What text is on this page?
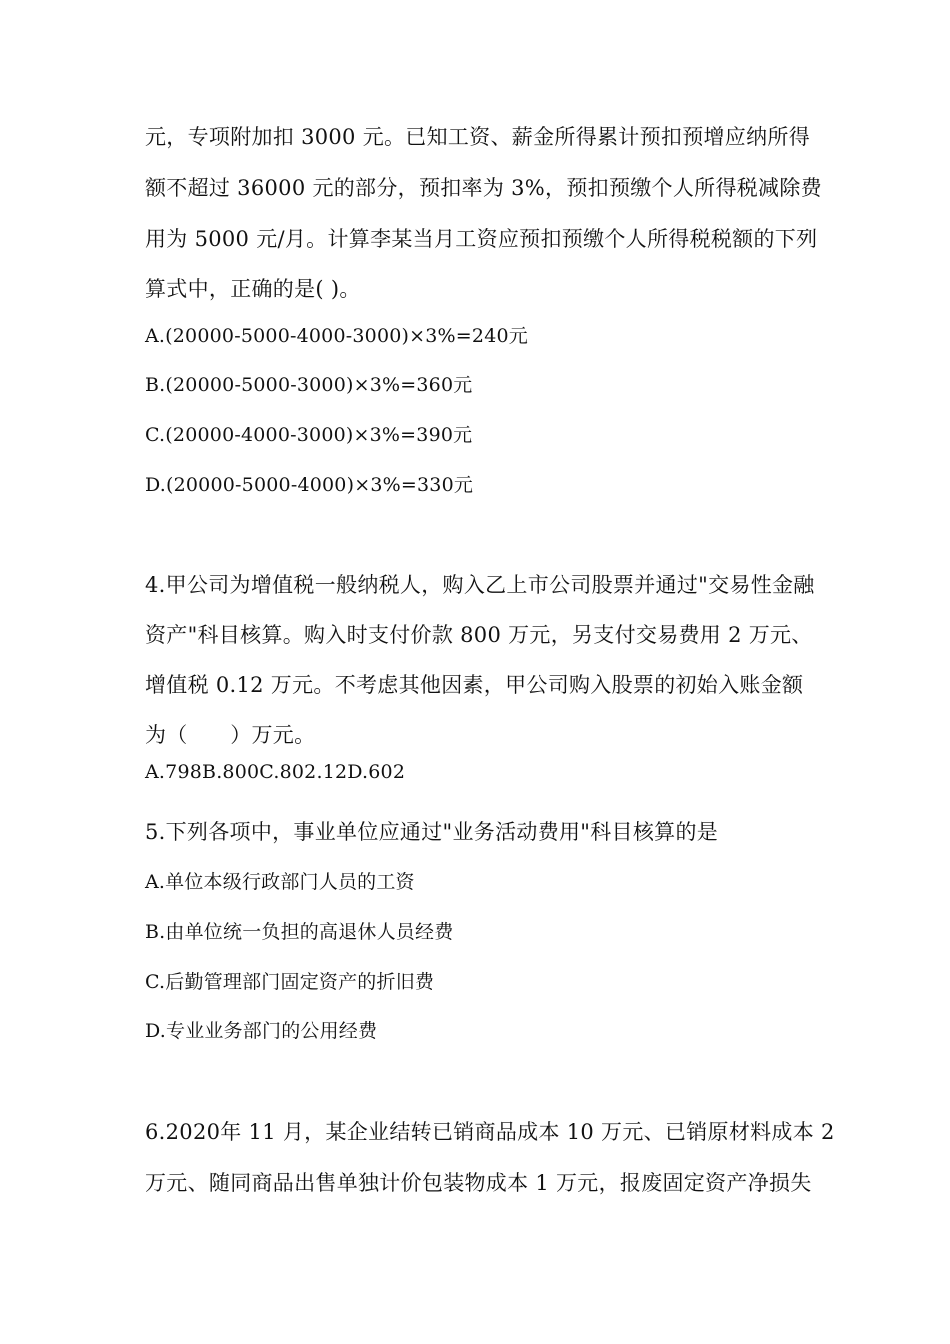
元，专项附加扣 3000 元。已知工资、薪金所得累计预扣预增应纳所得
额不超过 36000 元的部分，预扣率为 3%，预扣预缴个人所得税减除费
用为 5000 元/月。计算李某当月工资应预扣预缴个人所得税税额的下列
算式中，正确的是( )。
A.(20000-5000-4000-3000)×3%=240元
B.(20000-5000-3000)×3%=360元
C.(20000-4000-3000)×3%=390元
D.(20000-5000-4000)×3%=330元
4.甲公司为增值税一般纳税人，购入乙上市公司股票并通过"交易性金融
资产"科目核算。购入时支付价款 800 万元，另支付交易费用 2 万元、
增值税 0.12 万元。不考虑其他因素，甲公司购入股票的初始入账金额
为（　　）万元。
A.798B.800C.802.12D.602
5.下列各项中，事业单位应通过"业务活动费用"科目核算的是
A.单位本级行政部门人员的工资
B.由单位统一负担的高退休人员经费
C.后勤管理部门固定资产的折旧费
D.专业业务部门的公用经费
6.2020年 11 月，某企业结转已销商品成本 10 万元、已销原材料成本 2
万元、随同商品出售单独计价包装物成本 1 万元，报废固定资产净损失
